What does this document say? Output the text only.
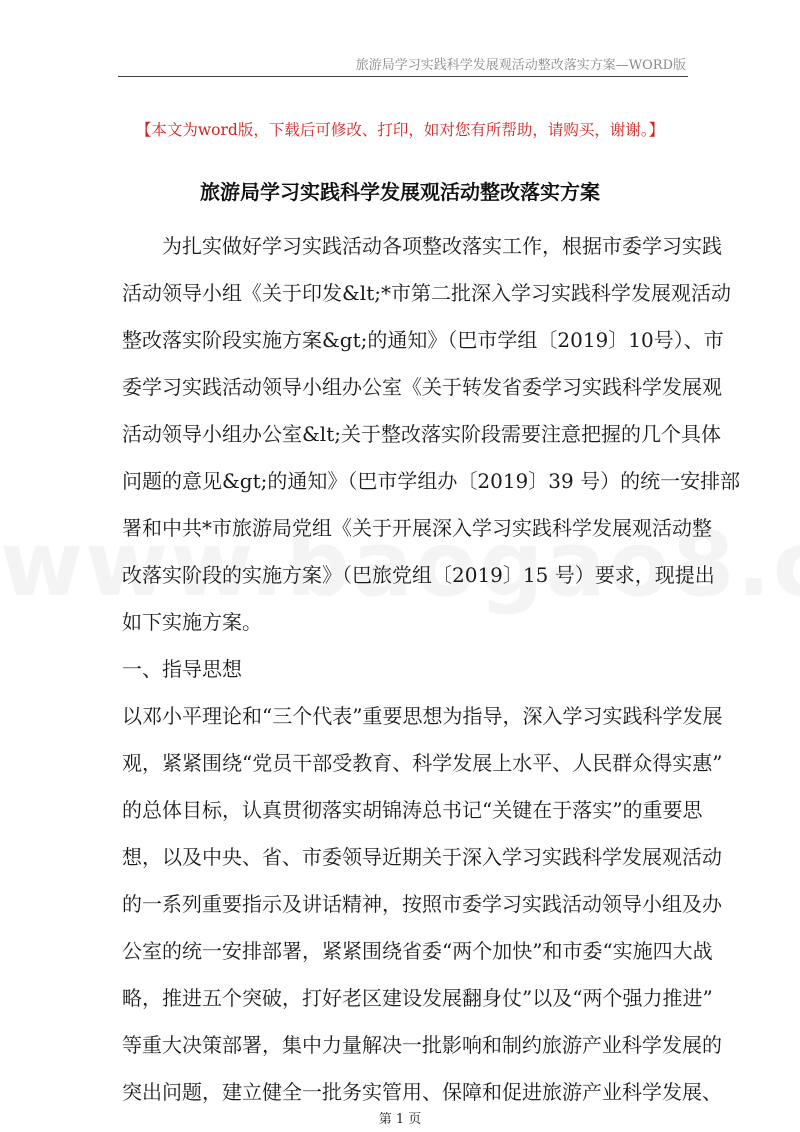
旅游局学习实践科学发展观活动整改落实方案—WORD版
【本文为word版，下载后可修改、打印，如对您有所帮助，请购买，谢谢。】
旅游局学习实践科学发展观活动整改落实方案
为扎实做好学习实践活动各项整改落实工作，根据市委学习实践
活动领导小组《关于印发&lt;*市第二批深入学习实践科学发展观活动
整改落实阶段实施方案&gt;的通知》（巴市学组〔2019〕10号）、市
委学习实践活动领导小组办公室《关于转发省委学习实践科学发展观
活动领导小组办公室&lt;关于整改落实阶段需要注意把握的几个具体
问题的意见&gt;的通知》（巴市学组办〔2019〕39 号）的统一安排部
署和中共*市旅游局党组《关于开展深入学习实践科学发展观活动整
改落实阶段的实施方案》（巴旅党组〔2019〕15 号）要求，现提出
如下实施方案。
一、指导思想
以邓小平理论和“三个代表”重要思想为指导，深入学习实践科学发展
观，紧紧围绕“党员干部受教育、科学发展上水平、人民群众得实惠”
的总体目标，认真贯彻落实胡锦涛总书记“关键在于落实”的重要思
想，以及中央、省、市委领导近期关于深入学习实践科学发展观活动
的一系列重要指示及讲话精神，按照市委学习实践活动领导小组及办
公室的统一安排部署，紧紧围绕省委“两个加快”和市委“实施四大战
略，推进五个突破，打好老区建设发展翻身仗”以及“两个强力推进”
等重大决策部署，集中力量解决一批影响和制约旅游产业科学发展的
突出问题，建立健全一批务实管用、保障和促进旅游产业科学发展、
第 1 页
